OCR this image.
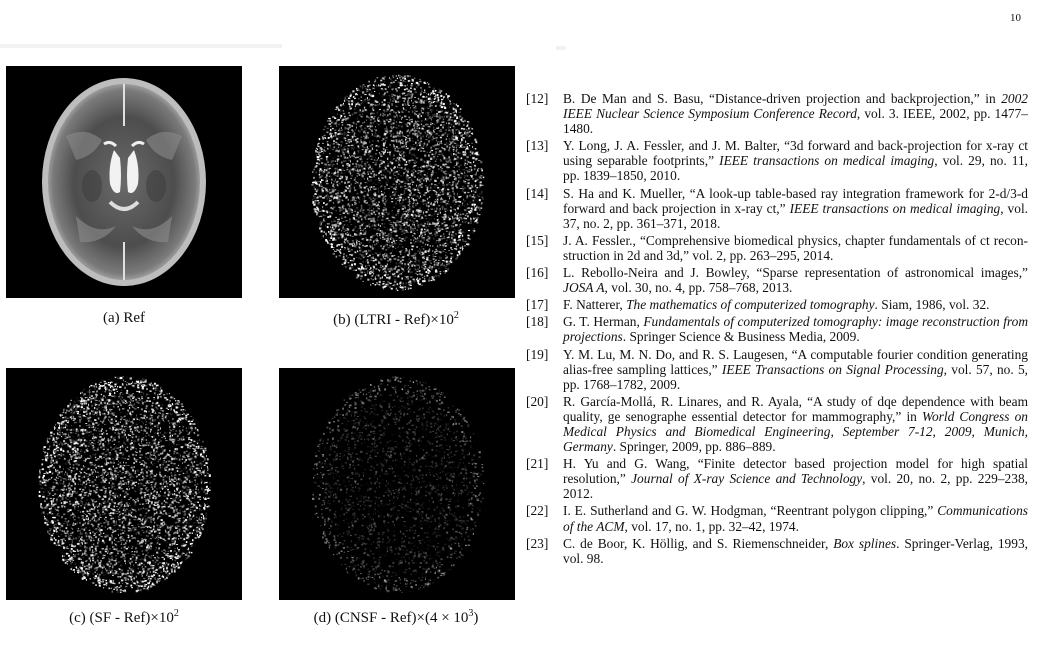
10
(a) Ref	(b) (LTRI - $Ref)\times 10^2$
(c) $(SF - Ref)\times 10^2$	(d) (CNSF - $Ref)\times(4 \times 10^3)$
[12]	B. De Man and S. Basu, “Distance-driven projection and backprojection,” in 2002 IEEE Nuclear Science Symposium Conference Record, vol. 3. IEEE, 2002, pp. 1477–1480.
[13]	Y. Long, J. A. Fessler, and J. M. Balter, “3d forward and back-projection for x-ray ct using separable footprints,” IEEE transactions on medical imaging, vol. 29, no. 11, pp. 1839–1850, 2010.
[14]	S. Ha and K. Mueller, “A look-up table-based ray integration framework for 2-d/3-d forward and back projection in x-ray ct,” IEEE transactions on medical imaging, vol. 37, no. 2, pp. 361–371, 2018.
[15]	J. A. Fessler., “Comprehensive biomedical physics, chapter fundamentals of ct recon- struction in 2d and 3d,” vol. 2, pp. 263–295, 2014.
[16]	L. Rebollo-Neira and J. Bowley, “Sparse representation of astronomical images,” JOSA A, vol. 30, no. 4, pp. 758–768, 2013.
[17]	F. Natterer, The mathematics of computerized tomography. Siam, 1986, vol. 32.
[18]	G. T. Herman, Fundamentals of computerized tomography: image reconstruction from projections. Springer Science & Business Media, 2009.
[19]	Y. M. Lu, M. N. Do, and R. S. Laugesen, “A computable fourier condition generating alias-free sampling lattices,” IEEE Transactions on Signal Processing, vol. 57, no. 5, pp. 1768–1782, 2009.
[20]	R. García-Mollá, R. Linares, and R. Ayala, “A study of dqe dependence with beam quality, ge senographe essential detector for mammography,” in World Congress on Medical Physics and Biomedical Engineering, September 7-12, 2009, Munich, Germany. Springer, 2009, pp. 886–889.
[21]	H. Yu and G. Wang, “Finite detector based projection model for high spatial resolution,” Journal of X-ray Science and Technology, vol. 20, no. 2, pp. 229–238, 2012.
[22]	I. E. Sutherland and G. W. Hodgman, “Reentrant polygon clipping,” Communications of the ACM, vol. 17, no. 1, pp. 32–42, 1974.
[23]	C. de Boor, K. Höllig, and S. Riemenschneider, Box splines. Springer-Verlag, 1993, vol. 98.
